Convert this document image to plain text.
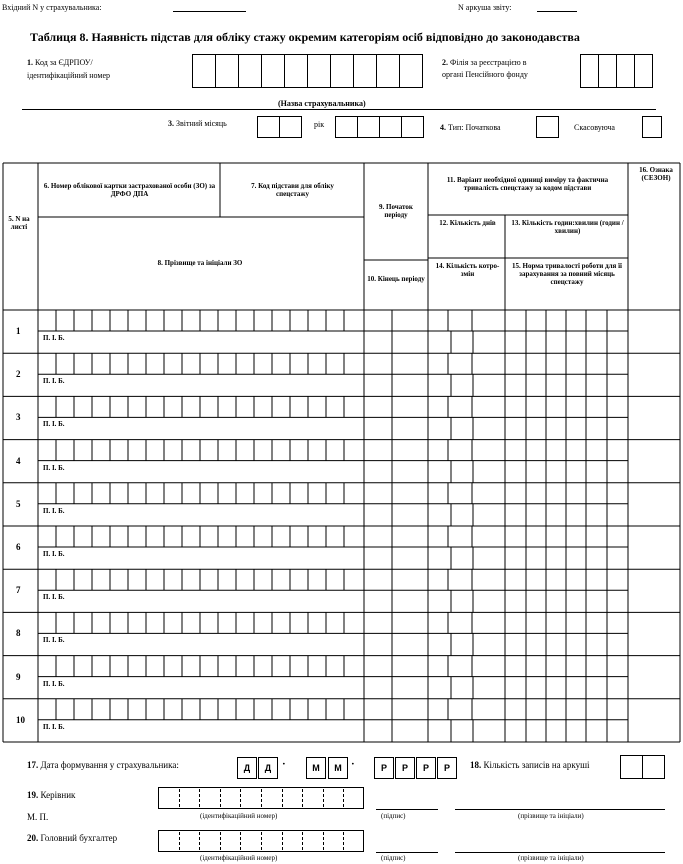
Вхідний N у страхувальника:	N аркуша звіту:
Таблиця 8. Наявність підстав для обліку стажу окремим категоріям осіб відповідно до законодавства
1. Код за ЄДРПОУ/
ідентифікаційний номер
2. Філія за реєстрацією в
органі Пенсійного фонду
(Назва страхувальника)
3. Звітний місяць	рік	4. Тип: Початкова	Скасовуюча
6. Номер облікової картки застрахованої особи (ЗО) за ДРФО ДПА
7. Код підстави для обліку спецстажу
8. Прізвище та ініціали ЗО
5. N на листі
9. Початок періоду
10. Кінець періоду
11. Варіант необхідної одиниці виміру та фактична тривалість спецстажу за кодом підстави
12. Кількість днів	13. Кількість годин:хвилин (годин / хвилин)
14. Кількість котро-змін
15. Норма тривалості роботи для її зарахування за повний місяць спецстажу
16. Ознака (СЕЗОН)
1
П. І. Б.
2
П. І. Б.
3
П. І. Б.
4
П. І. Б.
5
П. І. Б.
6
П. І. Б.
7
П. І. Б.
8
П. І. Б.
9
П. І. Б.
10
П. І. Б.
17. Дата формування у страхувальника:	Д	Д ·	М	М ·	Р	Р	Р	Р	18. Кількість записів на аркуші
19. Керівник
М. П.	(ідентифікаційний номер)	(підпис)	(прізвище та ініціали)
20. Головний бухгалтер
(ідентифікаційний номер)	(підпис)	(прізвище та ініціали)
